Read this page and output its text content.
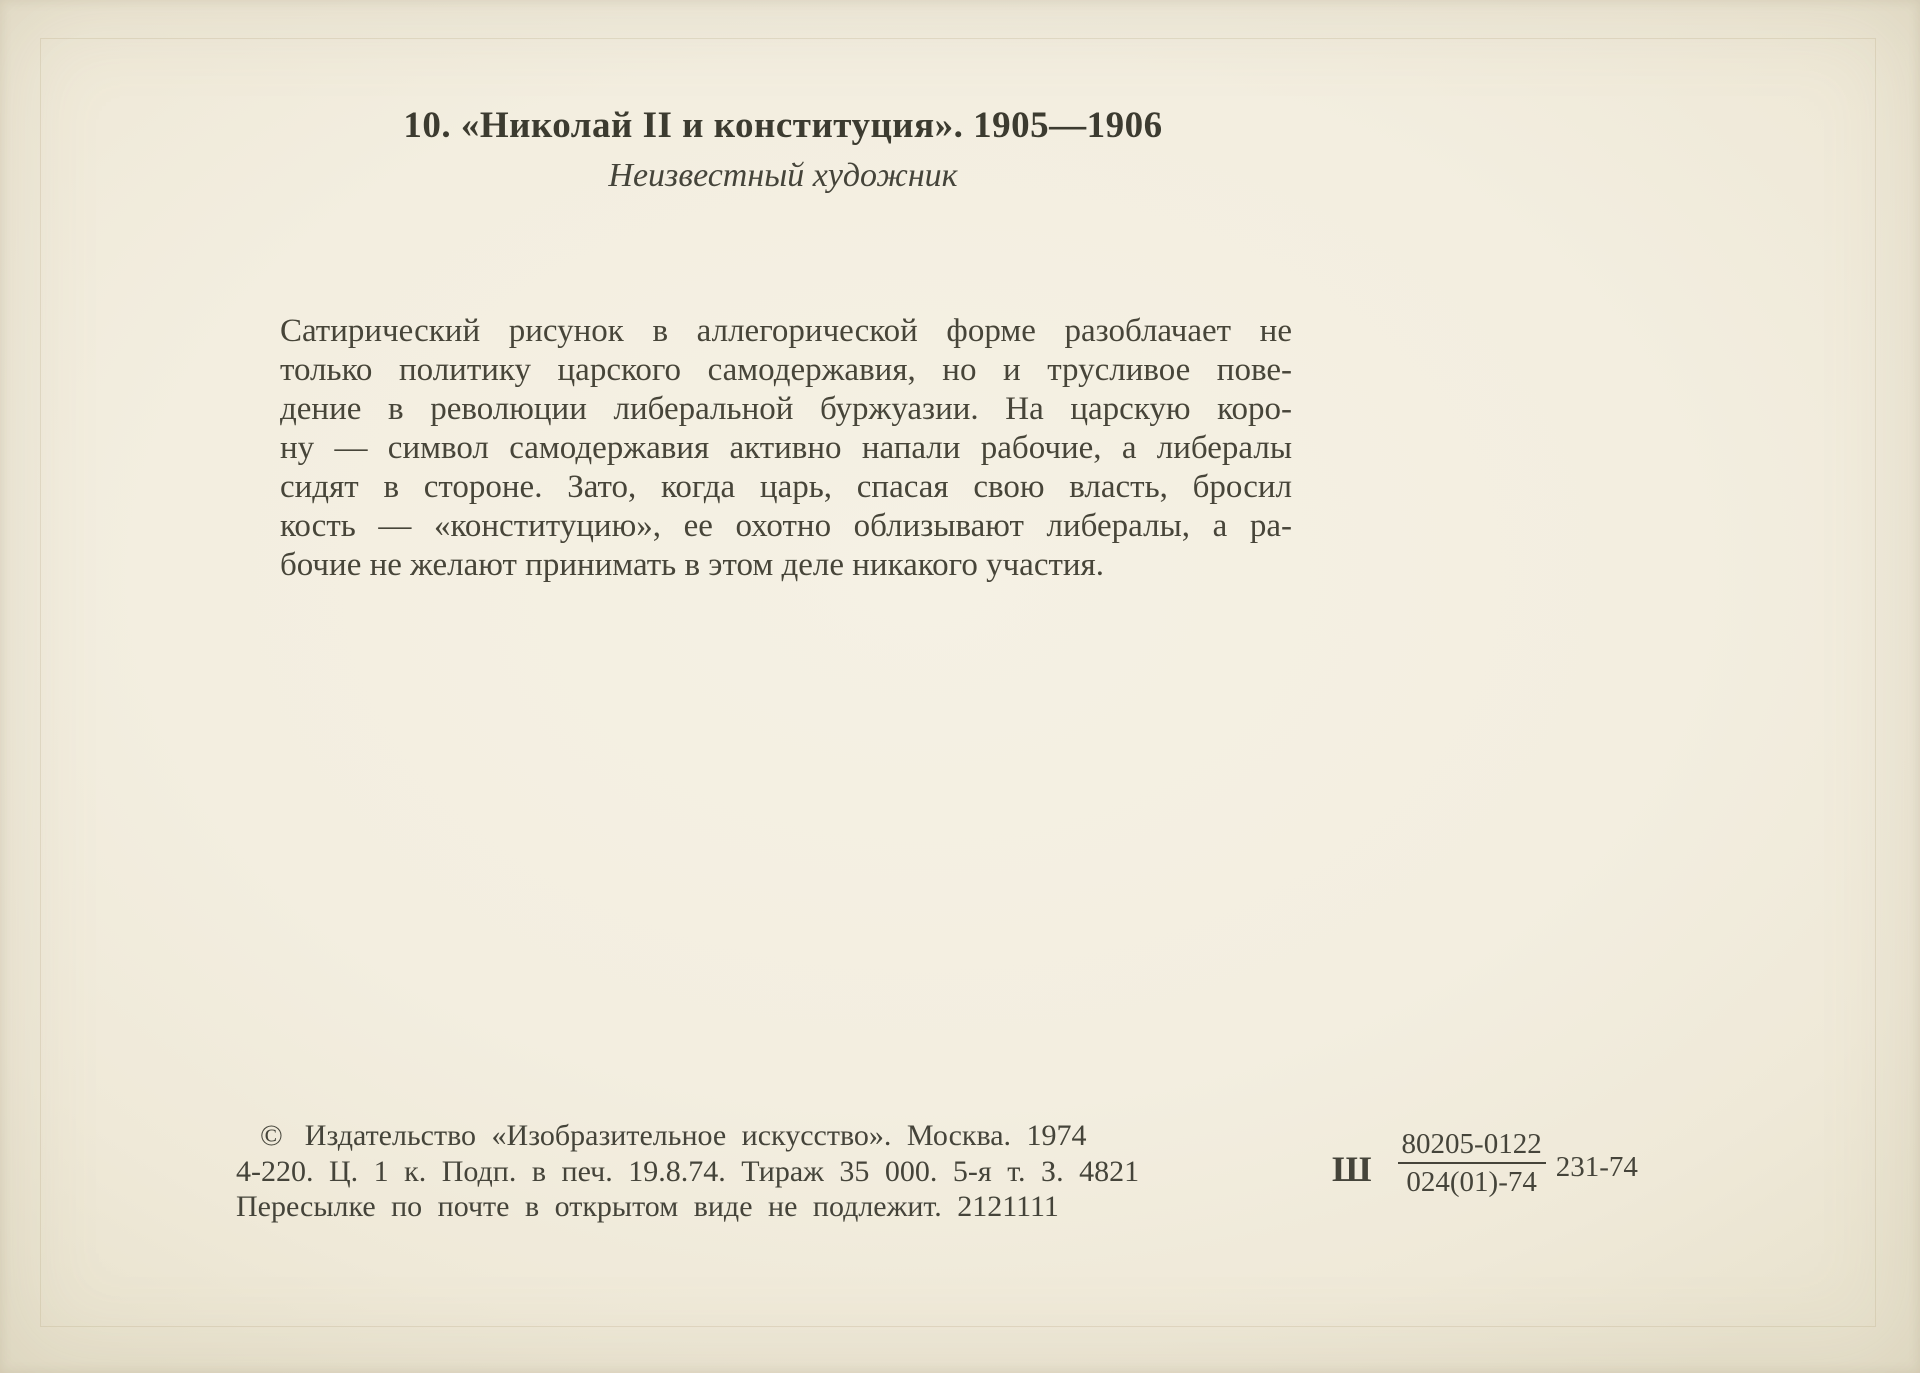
10. «Николай II и конституция». 1905—1906
Неизвестный художник
Сатирический рисунок в аллегорической форме разоблачает не
только политику царского самодержавия, но и трусливое пове-
дение в революции либеральной буржуазии. На царскую коро-
ну — символ самодержавия активно напали рабочие, а либералы
сидят в стороне. Зато, когда царь, спасая свою власть, бросил
кость — «конституцию», ее охотно облизывают либералы, а ра-
бочие не желают принимать в этом деле никакого участия.
© Издательство «Изобразительное искусство». Москва. 1974
4-220. Ц. 1 к. Подп. в печ. 19.8.74. Тираж 35 000. 5-я т. З. 4821
Пересылке по почте в открытом виде не подлежит. 2121111
Ш $\frac{80205-0122}{024(01)-74} 231-74$
